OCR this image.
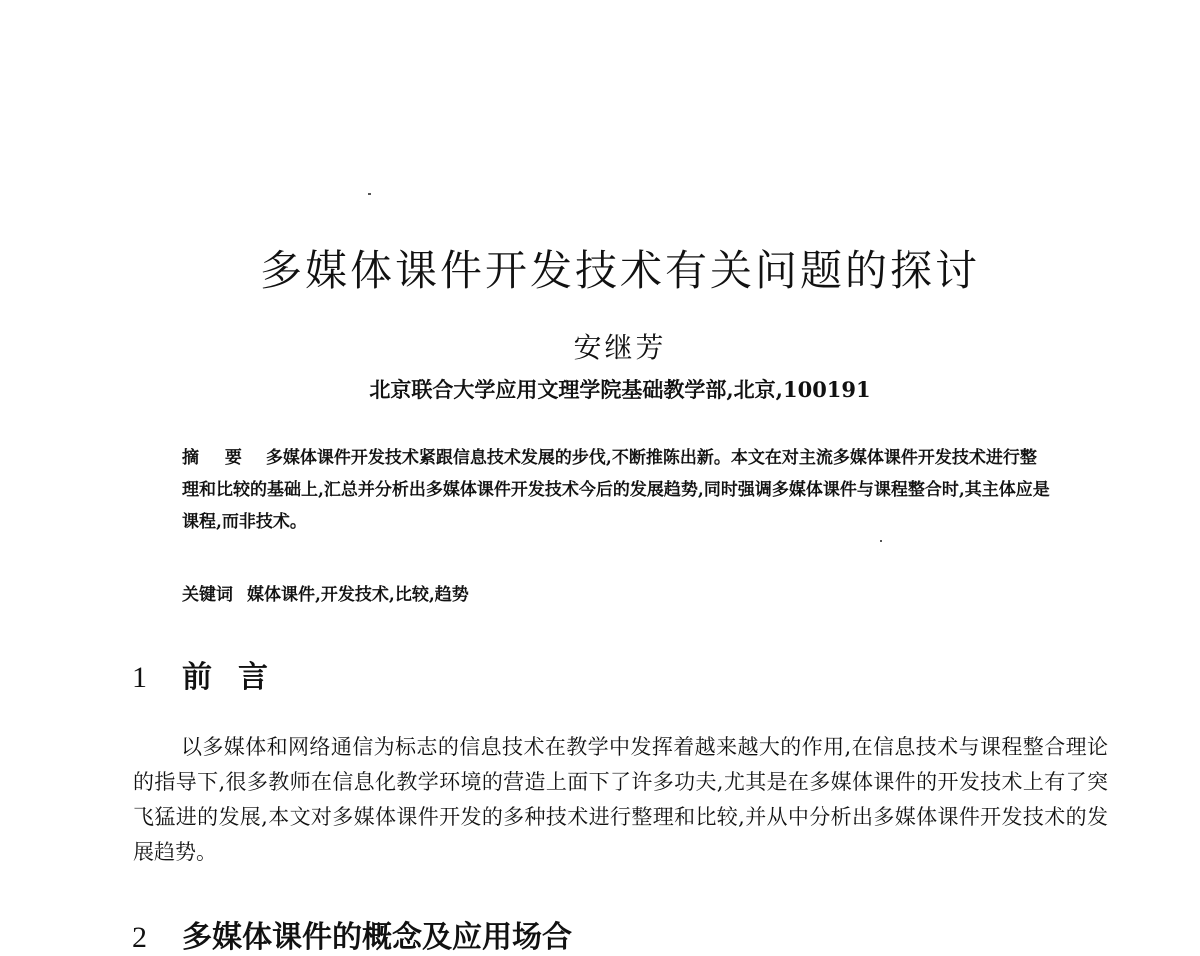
多媒体课件开发技术有关问题的探讨
安继芳
北京联合大学应用文理学院基础教学部,北京,100191

摘 要 多媒体课件开发技术紧跟信息技术发展的步伐,不断推陈出新。本文在对主流多媒体课件开发技术进行整理和比较的基础上,汇总并分析出多媒体课件开发技术今后的发展趋势,同时强调多媒体课件与课程整合时,其主体应是课程,而非技术。

关键词 媒体课件,开发技术,比较,趋势

1 前言

以多媒体和网络通信为标志的信息技术在教学中发挥着越来越大的作用,在信息技术与课程整合理论的指导下,很多教师在信息化教学环境的营造上面下了许多功夫,尤其是在多媒体课件的开发技术上有了突飞猛进的发展,本文对多媒体课件开发的多种技术进行整理和比较,并从中分析出多媒体课件开发技术的发展趋势。

2 多媒体课件的概念及应用场合
